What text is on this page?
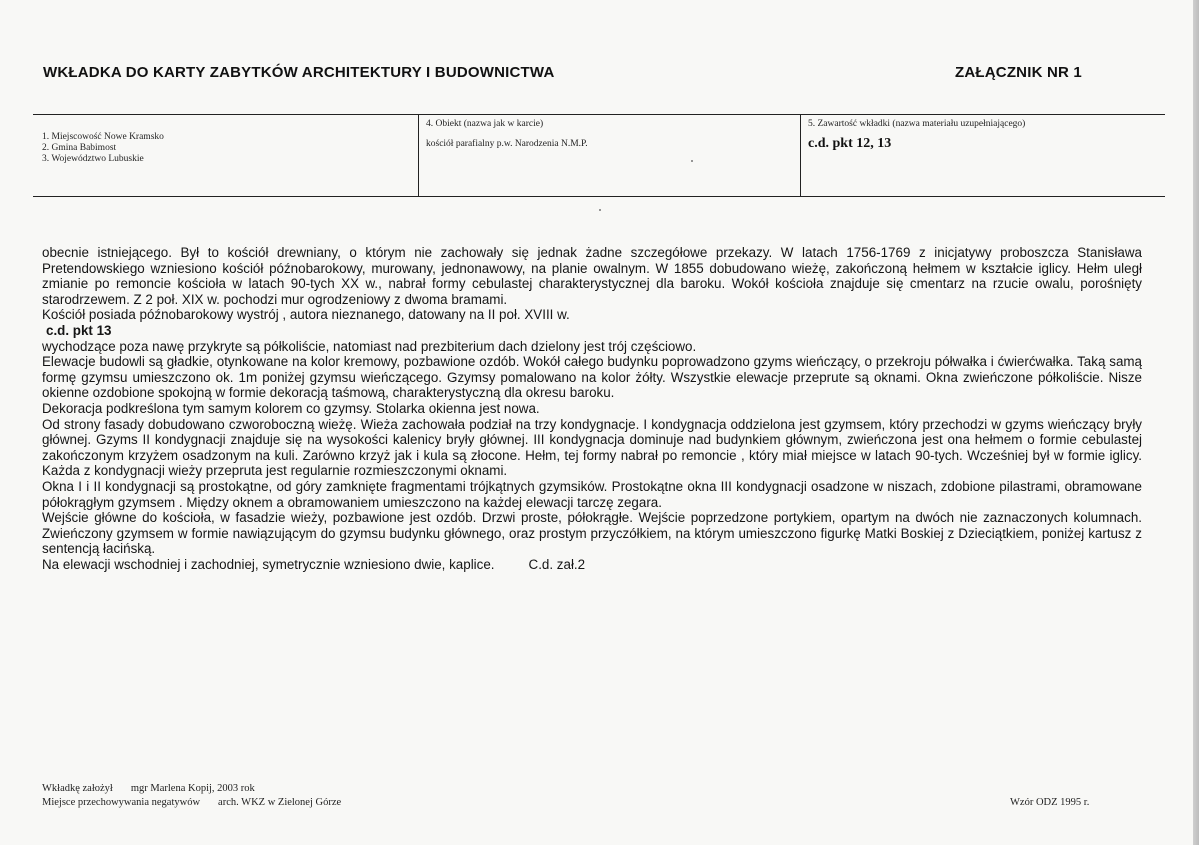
WKŁADKA DO KARTY ZABYTKÓW ARCHITEKTURY I BUDOWNICTWA	ZAŁĄCZNIK NR 1
1. Miejscowość Nowe Kramsko
2. Gmina Babimost
3. Województwo Lubuskie
4. Obiekt (nazwa jak w karcie)
kościół parafialny p.w. Narodzenia N.M.P.
5. Zawartość wkładki (nazwa materiału uzupełniającego)
c.d. pkt 12, 13
obecnie istniejącego. Był to kościół drewniany, o którym nie zachowały się jednak żadne szczegółowe przekazy. W latach 1756-1769 z inicjatywy proboszcza Stanisława Pretendowskiego wzniesiono kościół późnobarokowy, murowany, jednonawowy, na planie owalnym. W 1855 dobudowano wieżę, zakończoną hełmem w kształcie iglicy. Hełm uległ zmianie po remoncie kościoła w latach 90-tych XX w., nabrał formy cebulastej charakterystycznej dla baroku. Wokół kościoła znajduje się cmentarz na rzucie owalu, porośnięty starodrzewem. Z 2 poł. XIX w. pochodzi mur ogrodzeniowy z dwoma bramami.
Kościół posiada późnobarokowy wystrój , autora nieznanego, datowany na II poł. XVIII w.
c.d. pkt 13
wychodzące poza nawę przykryte są półkoliście, natomiast nad prezbiterium dach dzielony jest trój częściowo.
Elewacje budowli są gładkie, otynkowane na kolor kremowy, pozbawione ozdób. Wokół całego budynku poprowadzono gzyms wieńczący, o przekroju półwałka i ćwierćwałka. Taką samą formę gzymsu umieszczono ok. 1m poniżej gzymsu wieńczącego. Gzymsy pomalowano na kolor żółty. Wszystkie elewacje przeprute są oknami. Okna zwieńczone półkoliście. Nisze okienne ozdobione spokojną w formie dekoracją taśmową, charakterystyczną dla okresu baroku.
Dekoracja podkreślona tym samym kolorem co gzymsy. Stolarka okienna jest nowa.
Od strony fasady dobudowano czworoboczną wieżę. Wieża zachowała podział na trzy kondygnacje. I kondygnacja oddzielona jest gzymsem, który przechodzi w gzyms wieńczący bryły głównej. Gzyms II kondygnacji znajduje się na wysokości kalenicy bryły głównej. III kondygnacja dominuje nad budynkiem głównym, zwieńczona jest ona hełmem o formie cebulastej zakończonym krzyżem osadzonym na kuli. Zarówno krzyż jak i kula są złocone. Hełm, tej formy nabrał po remoncie , który miał miejsce w latach 90-tych. Wcześniej był w formie iglicy. Każda z kondygnacji wieży przepruta jest regularnie rozmieszczonymi oknami.
Okna I i II kondygnacji są prostokątne, od góry zamknięte fragmentami trójkątnych gzymsików. Prostokątne okna III kondygnacji osadzone w niszach, zdobione pilastrami, obramowane półokrągłym gzymsem . Między oknem a obramowaniem umieszczono na każdej elewacji tarczę zegara.
Wejście główne do kościoła, w fasadzie wieży, pozbawione jest ozdób. Drzwi proste, półokrągłe. Wejście poprzedzone portykiem, opartym na dwóch nie zaznaczonych kolumnach. Zwieńczony gzymsem w formie nawiązującym do gzymsu budynku głównego, oraz prostym przyczółkiem, na którym umieszczono figurkę Matki Boskiej z Dzieciątkiem, poniżej kartusz z sentencją łacińską.
Na elewacji wschodniej i zachodniej, symetrycznie wzniesiono dwie, kaplice.	C.d. zał.2
Wkładkę założył mgr Marlena Kopij, 2003 rok
Miejsce przechowywania negatywów arch. WKZ w Zielonej Górze	Wzór ODZ 1995 r.
